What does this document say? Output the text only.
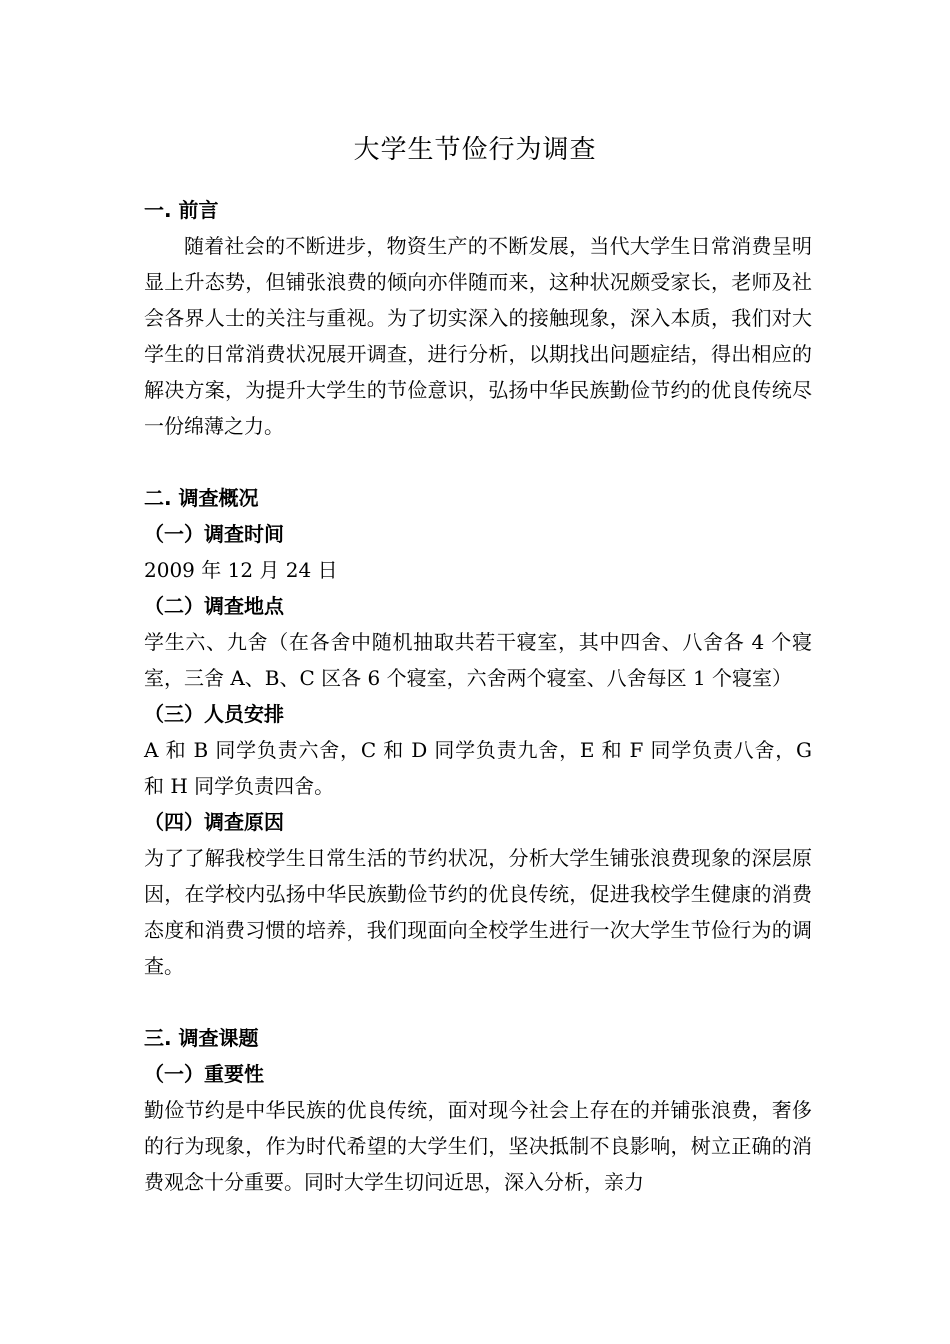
大学生节俭行为调查
一. 前言

随着社会的不断进步，物资生产的不断发展，当代大学生日常消费呈明显上升态势，但铺张浪费的倾向亦伴随而来，这种状况颇受家长，老师及社会各界人士的关注与重视。为了切实深入的接触现象，深入本质，我们对大学生的日常消费状况展开调查，进行分析，以期找出问题症结，得出相应的解决方案，为提升大学生的节俭意识，弘扬中华民族勤俭节约的优良传统尽一份绵薄之力。

二. 调查概况
（一）调查时间

2009 年 12 月 24 日

（二）调查地点

学生六、九舍（在各舍中随机抽取共若干寝室，其中四舍、八舍各 4 个寝室，三舍 A、B、C 区各 6 个寝室，六舍两个寝室、八舍每区 1 个寝室）

（三）人员安排

A 和 B 同学负责六舍，C 和 D 同学负责九舍，E 和 F 同学负责八舍，G 和 H 同学负责四舍。

（四）调查原因

为了了解我校学生日常生活的节约状况，分析大学生铺张浪费现象的深层原因，在学校内弘扬中华民族勤俭节约的优良传统，促进我校学生健康的消费态度和消费习惯的培养，我们现面向全校学生进行一次大学生节俭行为的调查。

三. 调查课题
（一）重要性

勤俭节约是中华民族的优良传统，面对现今社会上存在的并铺张浪费，奢侈的行为现象，作为时代希望的大学生们，坚决抵制不良影响，树立正确的消费观念十分重要。同时大学生切问近思，深入分析，亲力
